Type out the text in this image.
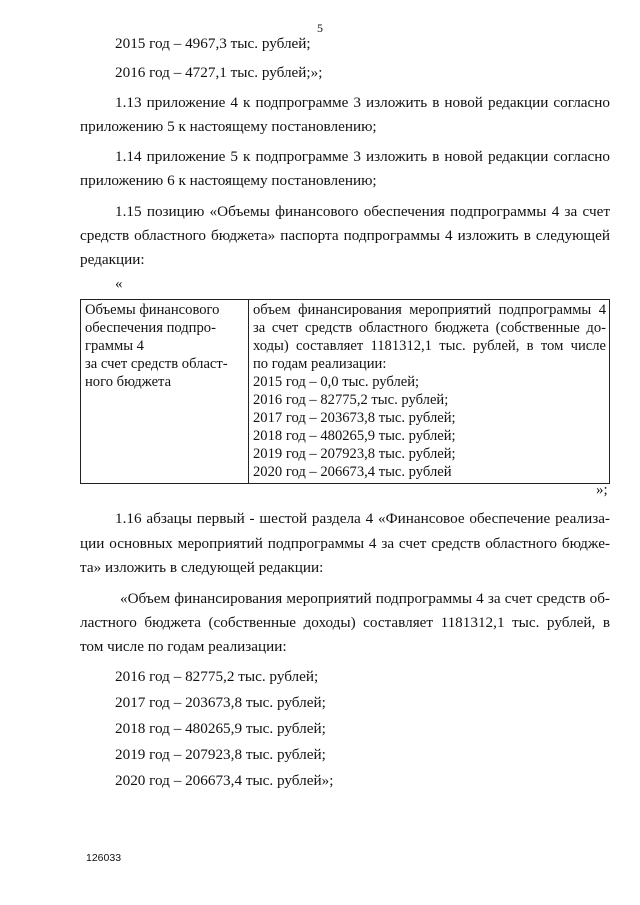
5
2015 год – 4967,3 тыс. рублей;
2016 год – 4727,1 тыс. рублей;»;
1.13 приложение 4 к подпрограмме 3 изложить в новой редакции согласно
приложению 5 к настоящему постановлению;
1.14 приложение 5 к подпрограмме 3 изложить в новой редакции согласно
приложению 6 к настоящему постановлению;
1.15 позицию «Объемы финансового обеспечения подпрограммы 4 за счет
средств областного бюджета» паспорта подпрограммы 4 изложить в следующей
редакции:
«
Объемы финансового
обеспечения подпро-
граммы 4
за счет средств област-
ного бюджета

объем финансирования мероприятий подпрограммы 4
за счет средств областного бюджета (собственные до-
ходы) составляет 1181312,1 тыс. рублей, в том числе
по годам реализации:
2015 год – 0,0 тыс. рублей;
2016 год – 82775,2 тыс. рублей;
2017 год – 203673,8 тыс. рублей;
2018 год – 480265,9 тыс. рублей;
2019 год – 207923,8 тыс. рублей;
2020 год – 206673,4 тыс. рублей
»;
1.16 абзацы первый - шестой раздела 4 «Финансовое обеспечение реализа-
ции основных мероприятий подпрограммы 4 за счет средств областного бюдже-
та» изложить в следующей редакции:
«Объем финансирования мероприятий подпрограммы 4 за счет средств об-
ластного бюджета (собственные доходы) составляет 1181312,1 тыс. рублей, в
том числе по годам реализации:
2016 год – 82775,2 тыс. рублей;
2017 год – 203673,8 тыс. рублей;
2018 год – 480265,9 тыс. рублей;
2019 год – 207923,8 тыс. рублей;
2020 год – 206673,4 тыс. рублей»;
126033
